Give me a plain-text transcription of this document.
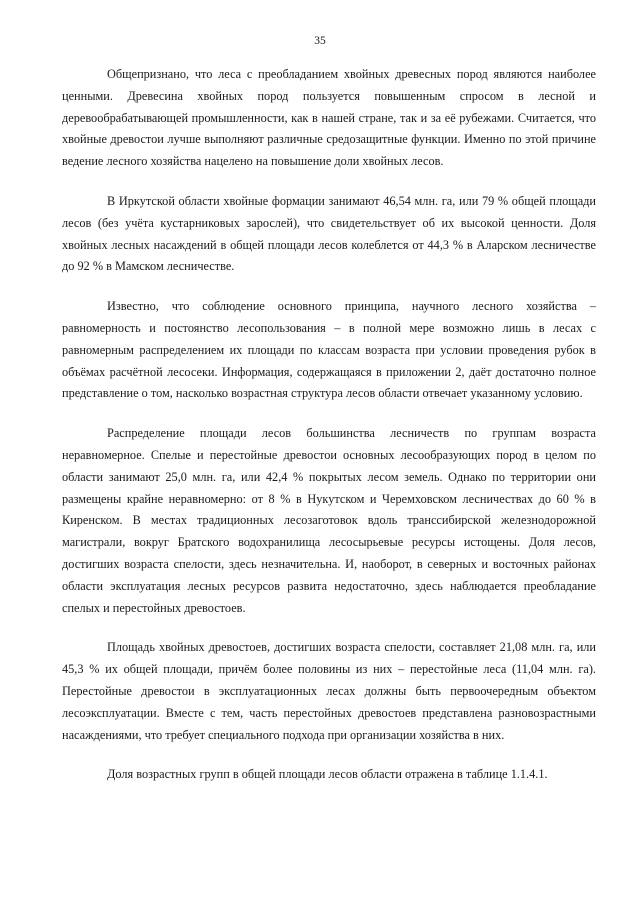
35

Общепризнано, что леса с преобладанием хвойных древесных пород являются наиболее ценными. Древесина хвойных пород пользуется повышенным спросом в лесной и деревообрабатывающей промышленности, как в нашей стране, так и за её рубежами. Считается, что хвойные древостои лучше выполняют различные средозащитные функции. Именно по этой причине ведение лесного хозяйства нацелено на повышение доли хвойных лесов.

В Иркутской области хвойные формации занимают 46,54 млн. га, или 79 % общей площади лесов (без учёта кустарниковых зарослей), что свидетельствует об их высокой ценности. Доля хвойных лесных насаждений в общей площади лесов колеблется от 44,3 % в Аларском лесничестве до 92 % в Мамском лесничестве.

Известно, что соблюдение основного принципа, научного лесного хозяйства – равномерность и постоянство лесопользования – в полной мере возможно лишь в лесах с равномерным распределением их площади по классам возраста при условии проведения рубок в объёмах расчётной лесосеки. Информация, содержащаяся в приложении 2, даёт достаточно полное представление о том, насколько возрастная структура лесов области отвечает указанному условию.

Распределение площади лесов большинства лесничеств по группам возраста неравномерное. Спелые и перестойные древостои основных лесообразующих пород в целом по области занимают 25,0 млн. га, или 42,4 % покрытых лесом земель. Однако по территории они размещены крайне неравномерно: от 8 % в Нукутском и Черемховском лесничествах до 60 % в Киренском. В местах традиционных лесозаготовок вдоль транссибирской железнодорожной магистрали, вокруг Братского водохранилища лесосырьевые ресурсы истощены. Доля лесов, достигших возраста спелости, здесь незначительна. И, наоборот, в северных и восточных районах области эксплуатация лесных ресурсов развита недостаточно, здесь наблюдается преобладание спелых и перестойных древостоев.

Площадь хвойных древостоев, достигших возраста спелости, составляет 21,08 млн. га, или 45,3 % их общей площади, причём более половины из них – перестойные леса (11,04 млн. га). Перестойные древостои в эксплуатационных лесах должны быть первоочередным объектом лесоэксплуатации. Вместе с тем, часть перестойных древостоев представлена разновозрастными насаждениями, что требует специального подхода при организации хозяйства в них.

Доля возрастных групп в общей площади лесов области отражена в таблице 1.1.4.1.
